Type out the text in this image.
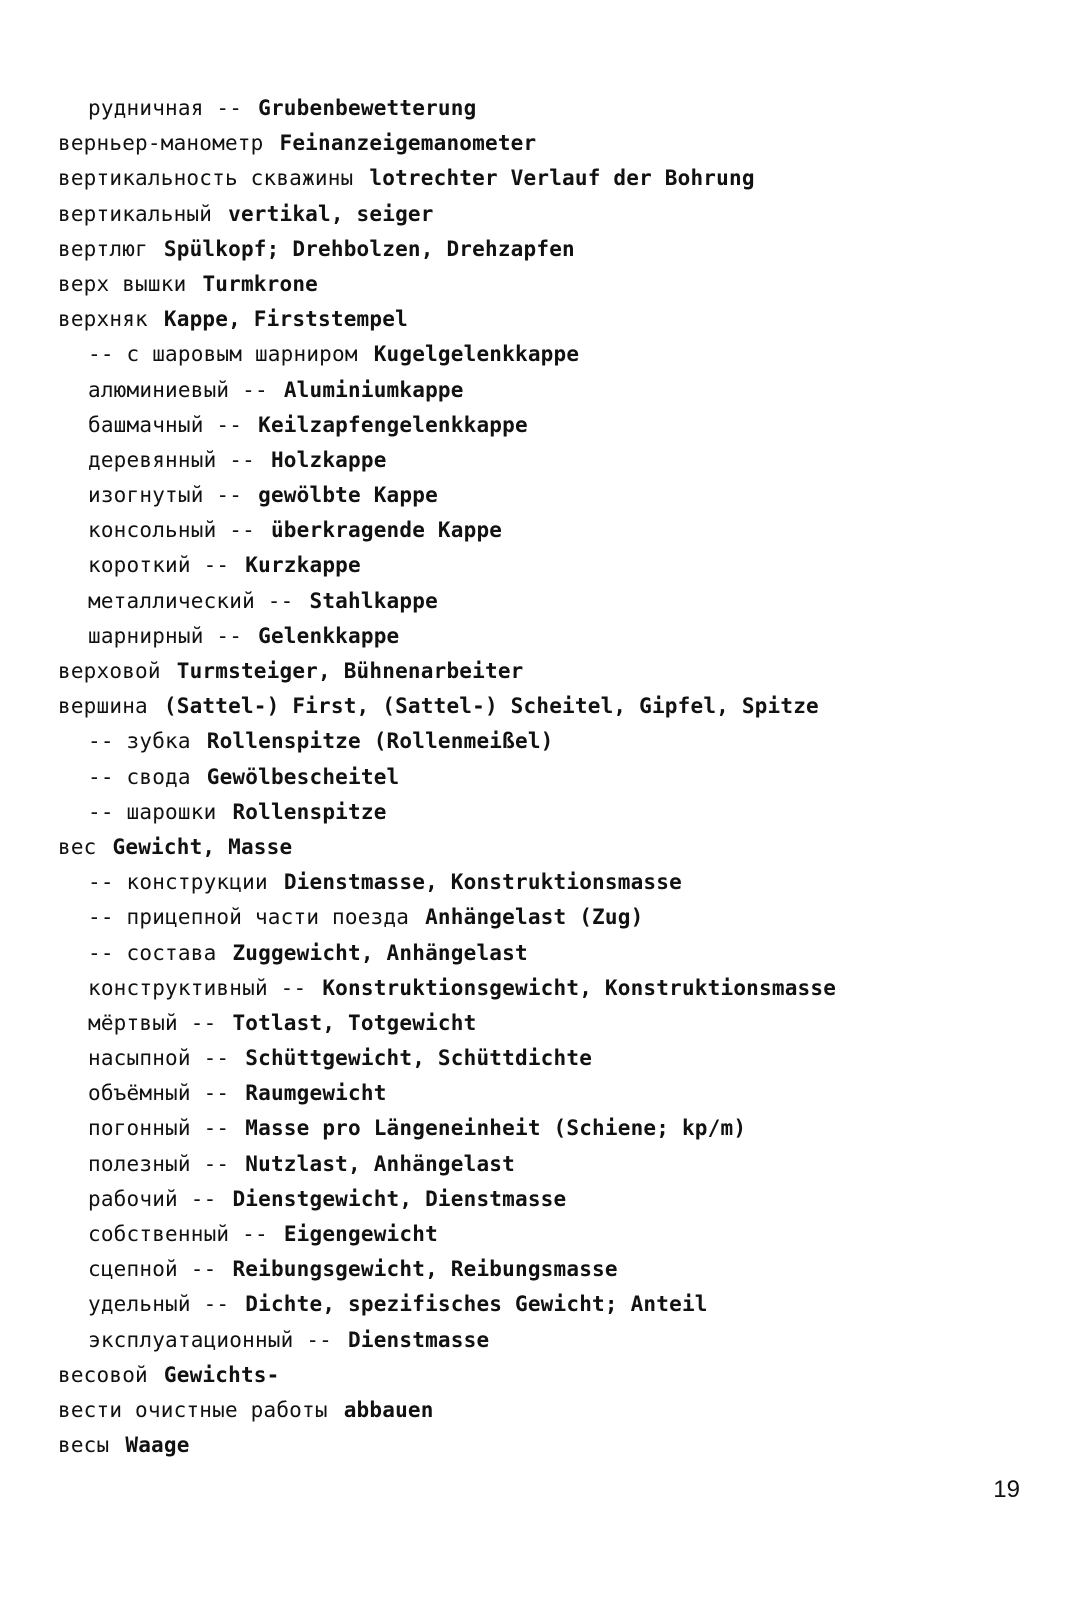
рудничная -- Grubenbewetterung
верньер-манометр Feinanzeigemanometer
вертикальность скважины lotrechter Verlauf der Bohrung
вертикальный vertikal, seiger
вертлюг Spülkopf; Drehbolzen, Drehzapfen
верх вышки Turmkrone
верхняк Kappe, Firststempel
-- с шаровым шарниром Kugelgelenkkappe
алюминиевый -- Aluminiumkappe
башмачный -- Keilzapfengelenkkappe
деревянный -- Holzkappe
изогнутый -- gewölbte Kappe
консольный -- überkragende Kappe
короткий -- Kurzkappe
металлический -- Stahlkappe
шарнирный -- Gelenkkappe
верховой Turmsteiger, Bühnenarbeiter
вершина (Sattel-) First, (Sattel-) Scheitel, Gipfel, Spitze
-- зубка Rollenspitze (Rollenmeißel)
-- свода Gewölbescheitel
-- шарошки Rollenspitze
вес Gewicht, Masse
-- конструкции Dienstmasse, Konstruktionsmasse
-- прицепной части поезда Anhängelast (Zug)
-- состава Zuggewicht, Anhängelast
конструктивный -- Konstruktionsgewicht, Konstruktionsmasse
мёртвый -- Totlast, Totgewicht
насыпной -- Schüttgewicht, Schüttdichte
объёмный -- Raumgewicht
погонный -- Masse pro Längeneinheit (Schiene; kp/m)
полезный -- Nutzlast, Anhängelast
рабочий -- Dienstgewicht, Dienstmasse
собственный -- Eigengewicht
сцепной -- Reibungsgewicht, Reibungsmasse
удельный -- Dichte, spezifisches Gewicht; Anteil
эксплуатационный -- Dienstmasse
весовой Gewichts-
вести очистные работы abbauen
весы Waage
19
